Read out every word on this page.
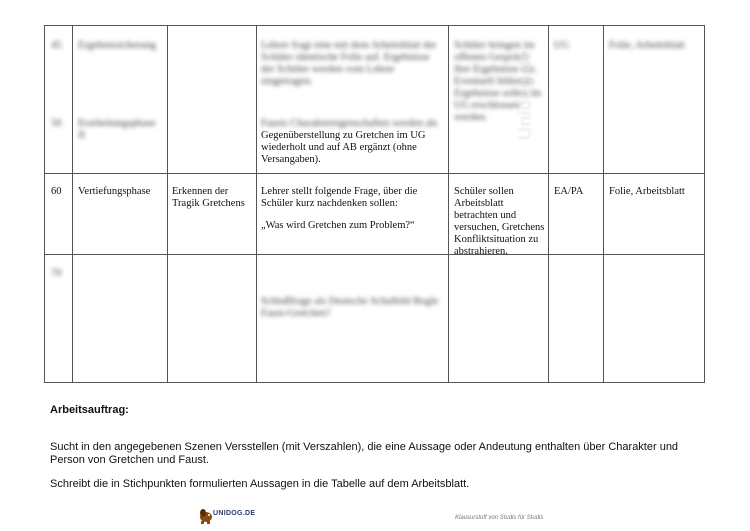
45
50
Ergebnissicherung
Erarbeitungsphase II
Lehrer fragt eine mit dem Arbeitsblatt der Schüler identische Folie auf. Ergebnisse der Schüler werden vom Lehrer eingetragen.
Fausts Charaktereigenschaften werden als
Gegenüberstellung zu Gretchen im UG wiederholt und auf AB ergänzt (ohne Versangaben).
Schüler bringen im offenen Gespräch ihre Ergebnisse ein. Eventuell fehlende Ergebnisse sollen im UG erschlossen werden.
UG	Folie, Arbeitsblatt
60 Vertiefungsphase	Erkennen der Tragik Gretchens
Lehrer stellt folgende Frage, über die Schüler kurz nachdenken sollen:
„Was wird Gretchen zum Problem?“
Schüler sollen Arbeitsblatt betrachten und versuchen, Gretchens Konfliktsituation zu abstrahieren.
EA/PA Folie, Arbeitsblatt
70
Schlußfrage als Deutsche Schulbild Bogle Faust-Gretchen?
Unidog.de
Arbeitsauftrag:
Sucht in den angegebenen Szenen Versstellen (mit Verszahlen), die eine Aussage oder Andeutung enthalten über Charakter und Person von Gretchen und Faust.
Schreibt die in Stichpunkten formulierten Aussagen in die Tabelle auf dem Arbeitsblatt.
UNIDOG.DE
Klausurstoff von Studis für Studis
